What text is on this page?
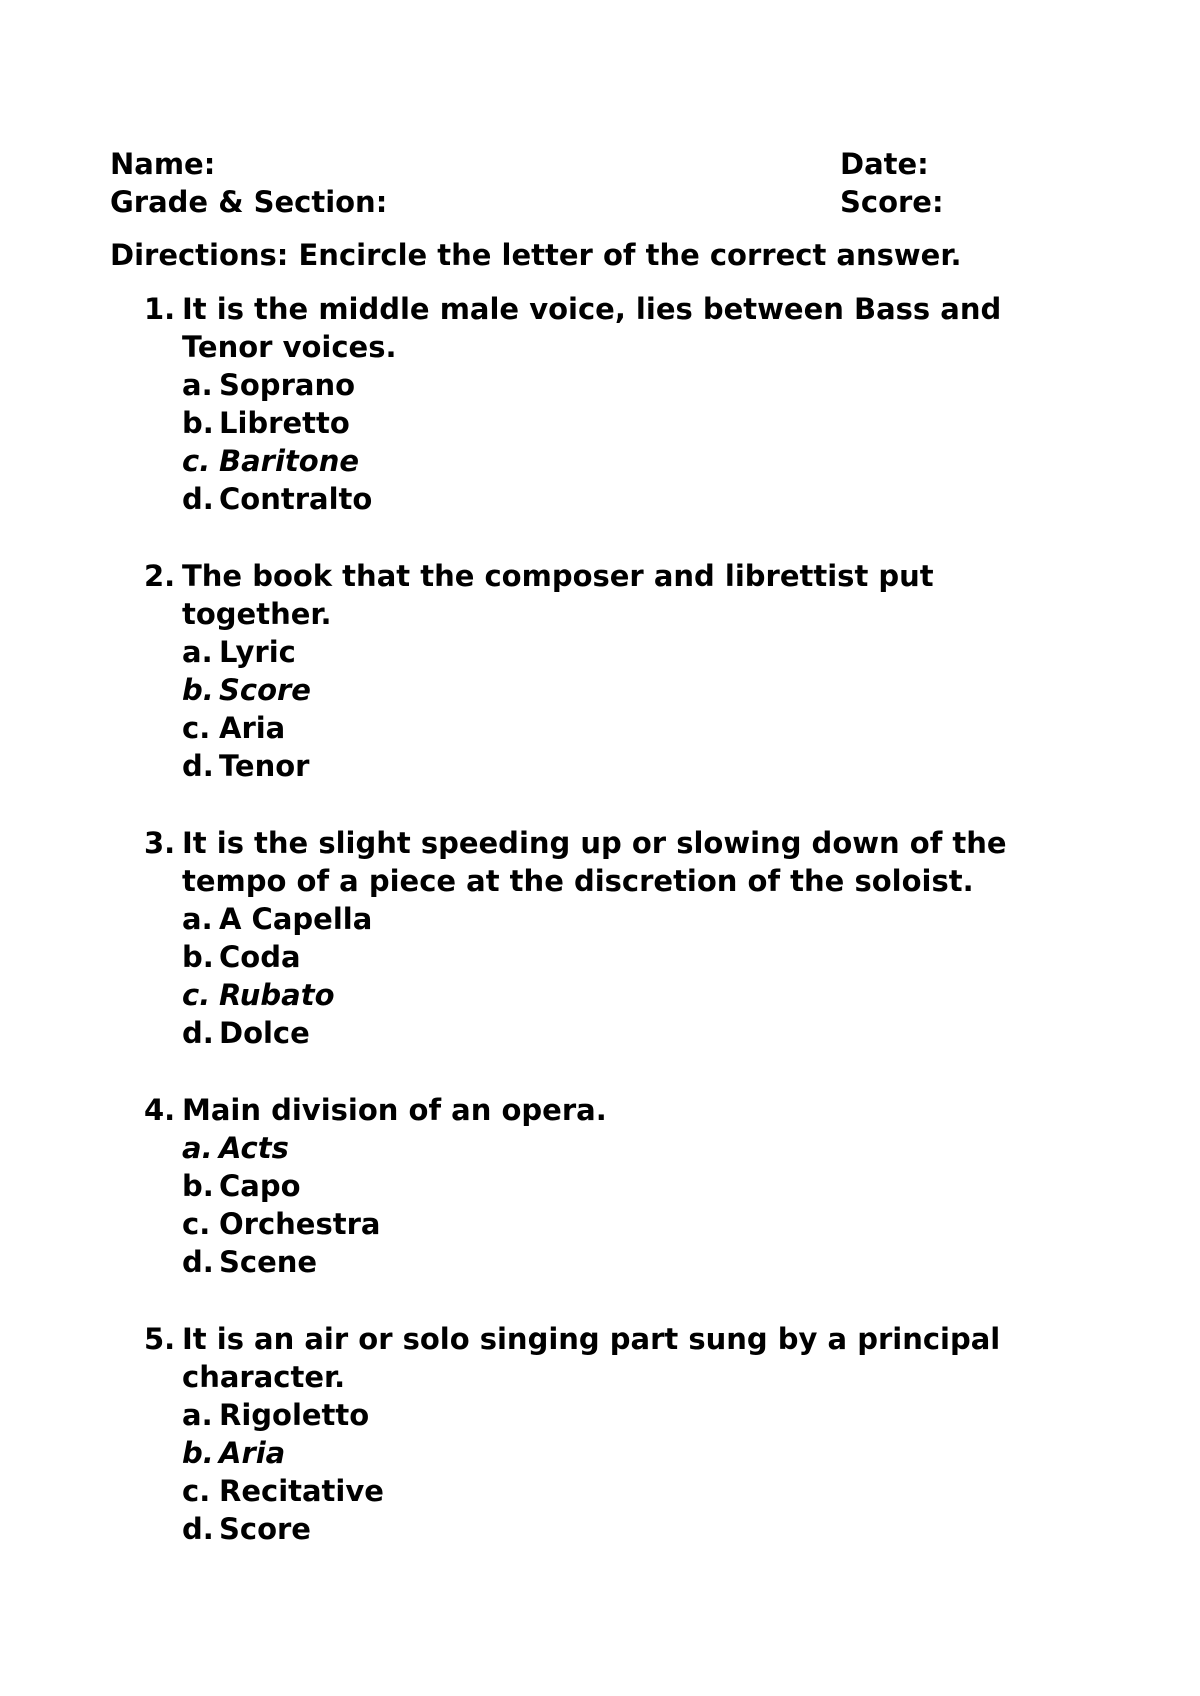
Name:	Date:
Grade & Section:	Score:
Directions: Encircle the letter of the correct answer.
1. It is the middle male voice, lies between Bass and Tenor voices.
a. Soprano
b. Libretto
c. Baritone
d. Contralto
2. The book that the composer and librettist put together.
a. Lyric
b. Score
c. Aria
d. Tenor
3. It is the slight speeding up or slowing down of the tempo of a piece at the discretion of the soloist.
a. A Capella
b. Coda
c. Rubato
d. Dolce
4. Main division of an opera.
a. Acts
b. Capo
c. Orchestra
d. Scene
5. It is an air or solo singing part sung by a principal character.
a. Rigoletto
b. Aria
c. Recitative
d. Score
